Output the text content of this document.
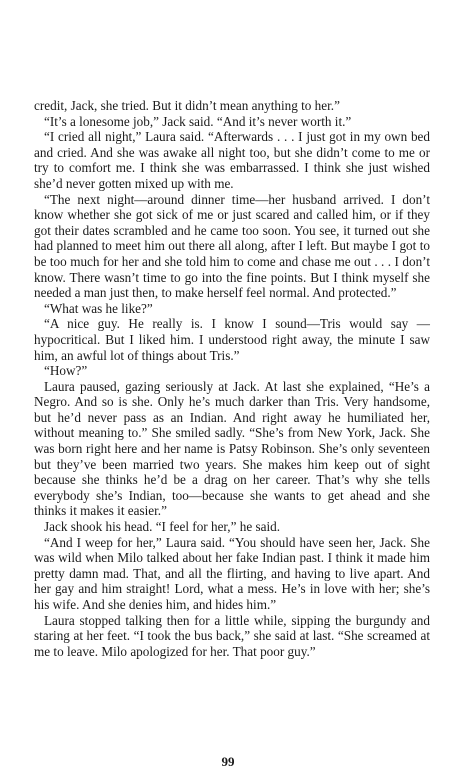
credit, Jack, she tried. But it didn’t mean anything to her.”

“It’s a lonesome job,” Jack said. “And it’s never worth it.”

“I cried all night,” Laura said. “Afterwards . . . I just got in my own bed and cried. And she was awake all night too, but she didn’t come to me or try to comfort me. I think she was embarrassed. I think she just wished she’d never gotten mixed up with me.

“The next night—around dinner time—her husband arrived. I don’t know whether she got sick of me or just scared and called him, or if they got their dates scrambled and he came too soon. You see, it turned out she had planned to meet him out there all along, after I left. But maybe I got to be too much for her and she told him to come and chase me out . . . I don’t know. There wasn’t time to go into the fine points. But I think myself she needed a man just then, to make herself feel normal. And protected.”

“What was he like?”

“A nice guy. He really is. I know I sound—Tris would say —hypocritical. But I liked him. I understood right away, the minute I saw him, an awful lot of things about Tris.”

“How?”

Laura paused, gazing seriously at Jack. At last she explained, “He’s a Negro. And so is she. Only he’s much darker than Tris. Very handsome, but he’d never pass as an Indian. And right away he humiliated her, without meaning to.” She smiled sadly. “She’s from New York, Jack. She was born right here and her name is Patsy Robinson. She’s only seventeen but they’ve been married two years. She makes him keep out of sight because she thinks he’d be a drag on her career. That’s why she tells everybody she’s Indian, too—because she wants to get ahead and she thinks it makes it easier.”

Jack shook his head. “I feel for her,” he said.

“And I weep for her,” Laura said. “You should have seen her, Jack. She was wild when Milo talked about her fake Indian past. I think it made him pretty damn mad. That, and all the flirting, and having to live apart. And her gay and him straight! Lord, what a mess. He’s in love with her; she’s his wife. And she denies him, and hides him.”

Laura stopped talking then for a little while, sipping the burgundy and staring at her feet. “I took the bus back,” she said at last. “She screamed at me to leave. Milo apologized for her. That poor guy.”

99
